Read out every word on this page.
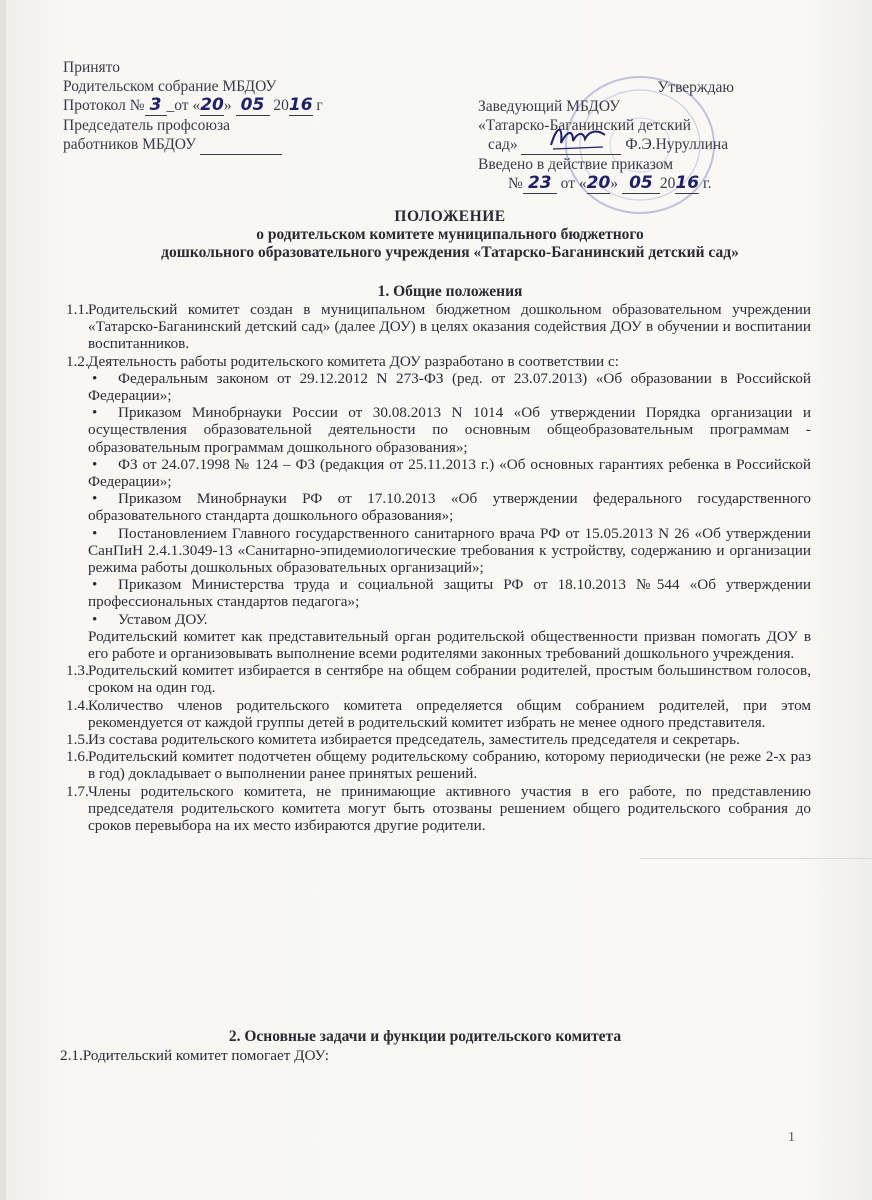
Принято
Родительском собрание МБДОУ
Протокол № 3 _от «20» 05 2016 г
Председатель профсоюза
работников МБДОУ
Утверждаю
Заведующий МБДОУ
«Татарско-Баганинский детский
сад»	Ф.Э.Нуруллина
Введено в действие приказом
№ 23 от «20» 05 2016 г.
ПОЛОЖЕНИЕ
о родительском комитете муниципального бюджетного
дошкольного образовательного учреждения «Татарско-Баганинский детский сад»
1. Общие положения

1.1. Родительский комитет создан в муниципальном бюджетном дошкольном образовательном учреждении «Татарско-Баганинский детский сад» (далее ДОУ) в целях оказания содействия ДОУ в обучении и воспитании воспитанников.

1.2. Деятельность работы родительского комитета ДОУ разработано в соответствии с:

• Федеральным законом от 29.12.2012 N 273-ФЗ (ред. от 23.07.2013) «Об образовании в Российской Федерации»;

• Приказом Минобрнауки России от 30.08.2013 N 1014 «Об утверждении Порядка организации и осуществления образовательной деятельности по основным общеобразовательным программам - образовательным программам дошкольного образования»;

• ФЗ от 24.07.1998 № 124 – ФЗ (редакция от 25.11.2013 г.) «Об основных гарантиях ребенка в Российской Федерации»;

• Приказом Минобрнауки РФ от 17.10.2013 «Об утверждении федерального государственного образовательного стандарта дошкольного образования»;

• Постановлением Главного государственного санитарного врача РФ от 15.05.2013 N 26 «Об утверждении СанПиН 2.4.1.3049-13 «Санитарно-эпидемиологические требования к устройству, содержанию и организации режима работы дошкольных образовательных организаций»;

• Приказом Министерства труда и социальной защиты РФ от 18.10.2013 №544 «Об утверждении профессиональных стандартов педагога»;

• Уставом ДОУ.

Родительский комитет как представительный орган родительской общественности призван помогать ДОУ в его работе и организовывать выполнение всеми родителями законных требований дошкольного учреждения.

1.3. Родительский комитет избирается в сентябре на общем собрании родителей, простым большинством голосов, сроком на один год.

1.4. Количество членов родительского комитета определяется общим собранием родителей, при этом рекомендуется от каждой группы детей в родительский комитет избрать не менее одного представителя.

1.5. Из состава родительского комитета избирается председатель, заместитель председателя и секретарь.

1.6. Родительский комитет подотчетен общему родительскому собранию, которому периодически (не реже 2-х раз в год) докладывает о выполнении ранее принятых решений.

1.7. Члены родительского комитета, не принимающие активного участия в его работе, по представлению председателя родительского комитета могут быть отозваны решением общего родительского собрания до сроков перевыбора на их место избираются другие родители.

2. Основные задачи и функции родительского комитета
2.1.Родительский комитет помогает ДОУ:
1
